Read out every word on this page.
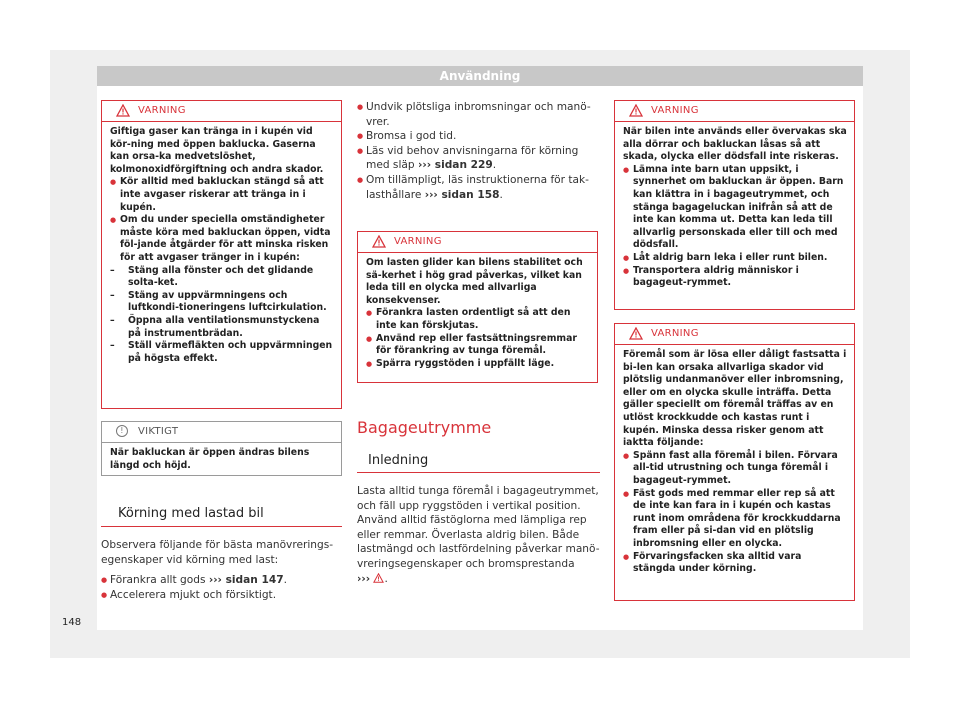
Användning
VARNING

Giftiga gaser kan tränga in i kupén vid kör-ning med öppen baklucka. Gaserna kan orsa-ka medvetslöshet, kolmonoxidförgiftning och andra skador.

● Kör alltid med bakluckan stängd så att inte avgaser riskerar att tränga in i kupén.

● Om du under speciella omständigheter måste köra med bakluckan öppen, vidta föl-jande åtgärder för att minska risken för att avgaser tränger in i kupén:

– Stäng alla fönster och det glidande solta-ket.

– Stäng av uppvärmningens och luftkondi-tioneringens luftcirkulation.

– Öppna alla ventilationsmunstyckena på instrumentbrädan.

– Ställ värmefläkten och uppvärmningen på högsta effekt.

!	VIKTIGT

När bakluckan är öppen ändras bilens längd och höjd.

Körning med lastad bil

Observera följande för bästa manövrerings-egenskaper vid körning med last:

● Förankra allt gods ››› sidan 147.

● Accelerera mjukt och försiktigt.

148

● Undvik plötsliga inbromsningar och manö-vrer.

● Bromsa i god tid.

● Läs vid behov anvisningarna för körning med släp ››› sidan 229.

● Om tillämpligt, läs instruktionerna för tak-lasthållare ››› sidan 158.

VARNING

Om lasten glider kan bilens stabilitet och sä-kerhet i hög grad påverkas, vilket kan leda till en olycka med allvarliga konsekvenser.

● Förankra lasten ordentligt så att den inte kan förskjutas.

● Använd rep eller fastsättningsremmar för förankring av tunga föremål.

● Spärra ryggstöden i uppfällt läge.

Bagageutrymme
Inledning

Lasta alltid tunga föremål i bagageutrymmet, och fäll upp ryggstöden i vertikal position. Använd alltid fästöglorna med lämpliga rep eller remmar. Överlasta aldrig bilen. Både lastmängd och lastfördelning påverkar manö-vreringsegenskaper och bromsprestanda
››› .

VARNING

När bilen inte används eller övervakas ska alla dörrar och bakluckan låsas så att skada, olycka eller dödsfall inte riskeras.

● Lämna inte barn utan uppsikt, i synnerhet om bakluckan är öppen. Barn kan klättra in i bagageutrymmet, och stänga bagageluckan inifrån så att de inte kan komma ut. Detta kan leda till allvarlig personskada eller till och med dödsfall.

● Låt aldrig barn leka i eller runt bilen.

● Transportera aldrig människor i bagageut-rymmet.

VARNING

Föremål som är lösa eller dåligt fastsatta i bi-len kan orsaka allvarliga skador vid plötslig undanmanöver eller inbromsning, eller om en olycka skulle inträffa. Detta gäller speciellt om föremål träffas av en utlöst krockkudde och kastas runt i kupén. Minska dessa risker genom att iaktta följande:

● Spänn fast alla föremål i bilen. Förvara all-tid utrustning och tunga föremål i bagageut-rymmet.

● Fäst gods med remmar eller rep så att de inte kan fara in i kupén och kastas runt inom områdena för krockkuddarna fram eller på si-dan vid en plötslig inbromsning eller en olycka.

● Förvaringsfacken ska alltid vara stängda under körning.
